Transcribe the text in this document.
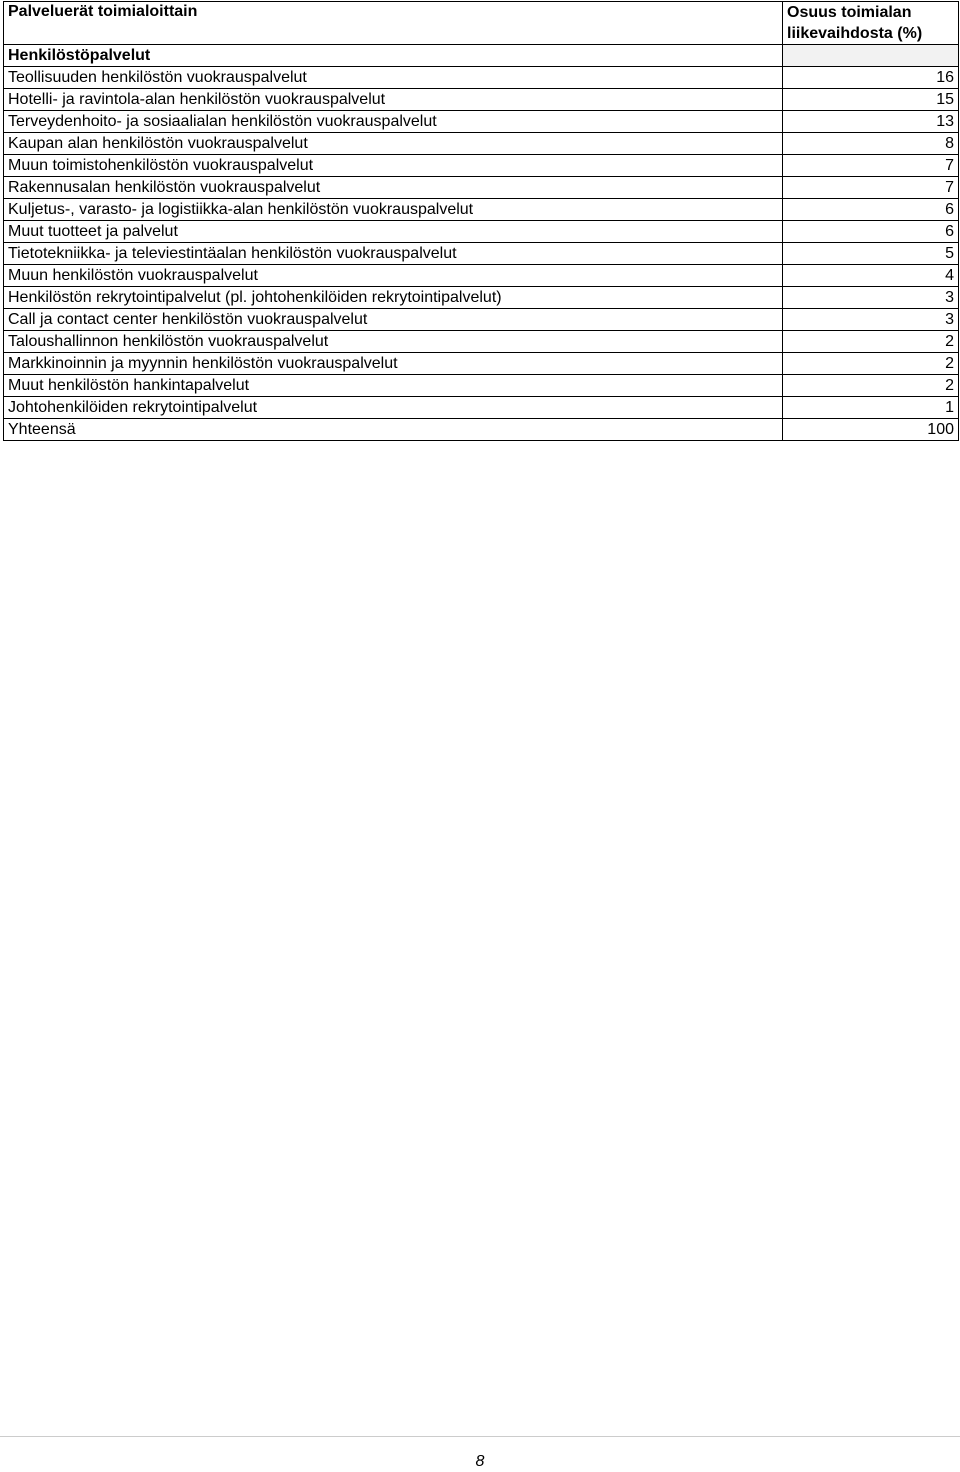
Palveluerät toimialoittain	Osuus toimialan liikevaihdosta (%)
Henkilöstöpalvelut	
Teollisuuden henkilöstön vuokrauspalvelut	16
Hotelli- ja ravintola-alan henkilöstön vuokrauspalvelut	15
Terveydenhoito- ja sosiaalialan henkilöstön vuokrauspalvelut	13
Kaupan alan henkilöstön vuokrauspalvelut	8
Muun toimistohenkilöstön vuokrauspalvelut	7
Rakennusalan henkilöstön vuokrauspalvelut	7
Kuljetus-, varasto- ja logistiikka-alan henkilöstön vuokrauspalvelut	6
Muut tuotteet ja palvelut	6
Tietotekniikka- ja televiestintäalan henkilöstön vuokrauspalvelut	5
Muun henkilöstön vuokrauspalvelut	4
Henkilöstön rekrytointipalvelut (pl. johtohenkilöiden rekrytointipalvelut)	3
Call ja contact center henkilöstön vuokrauspalvelut	3
Taloushallinnon henkilöstön vuokrauspalvelut	2
Markkinoinnin ja myynnin henkilöstön vuokrauspalvelut	2
Muut henkilöstön hankintapalvelut	2
Johtohenkilöiden rekrytointipalvelut	1
Yhteensä	100
8
